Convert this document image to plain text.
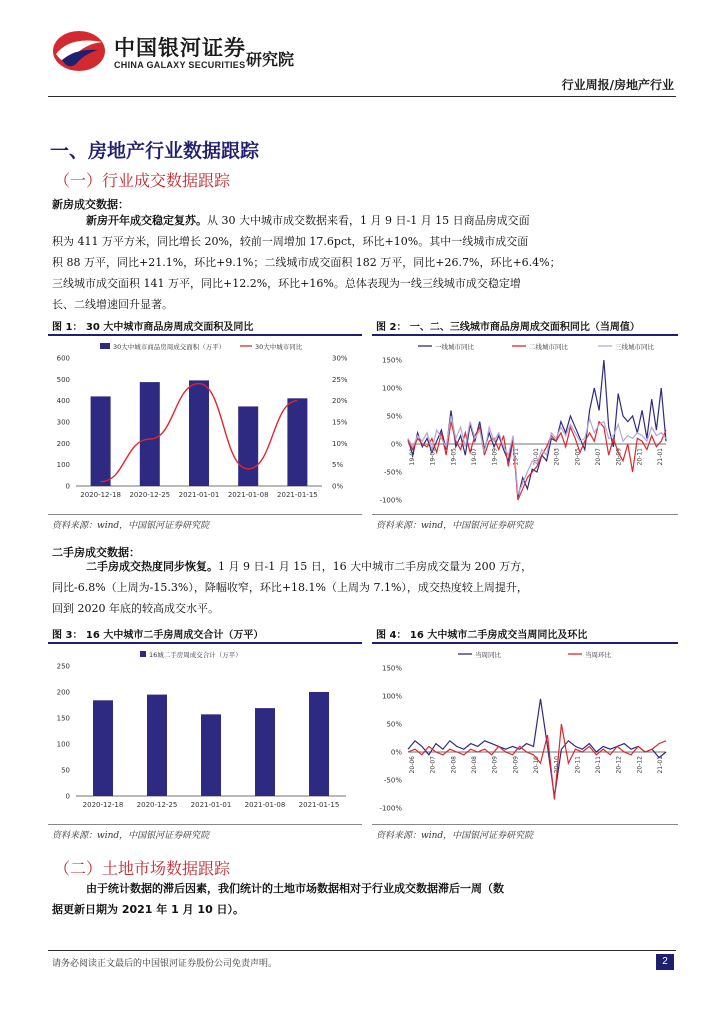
中国银河证券
CHINA GALAXY SECURITIES 研究院
行业周报/房地产行业
一、房地产行业数据跟踪
（一）行业成交数据跟踪
新房成交数据：
新房开年成交稳定复苏。从 30 大中城市成交数据来看，1 月 9 日-1 月 15 日商品房成交面
积为 411 万平方米，同比增长 20%，较前一周增加 17.6pct，环比+10%。其中一线城市成交面
积 88 万平，同比+21.1%，环比+9.1%；二线城市成交面积 182 万平，同比+26.7%，环比+6.4%；
三线城市成交面积 141 万平，同比+12.2%，环比+16%。总体表现为一线三线城市成交稳定增
长、二线增速回升显著。
图 1： 30 大中城市商品房周成交面积及同比
0
100
200
300
400
500
600
0%
5%
10%
15%
20%
25%
30%
2020-12-18 2020-12-25 2021-01-01 2021-01-08 2021-01-15
30大中城市商品房周成交面积（万平）	30大中城市同比
资料来源：wind，中国银河证券研究院
图 2： 一、二、三线城市商品房周成交面积同比（当周值）
-100%
-50%
0%
50%
100%
150%
19-01 19-03 19-05 19-07 19-09 19-11 20-01 20-03 20-05 20-07 20-09 20-11 21-01
一线城市同比	二线城市同比	三线城市同比
资料来源：wind，中国银河证券研究院
二手房成交数据：
二手房成交热度同步恢复。1 月 9 日-1 月 15 日，16 大中城市二手房成交量为 200 万方，
同比-6.8%（上周为-15.3%），降幅收窄，环比+18.1%（上周为 7.1%），成交热度较上周提升，
回到 2020 年底的较高成交水平。
图 3： 16 大中城市二手房周成交合计（万平）
0
50
100
150
200
250
2020-12-18 2020-12-25 2021-01-01 2021-01-08 2021-01-15
16城二手房周成交合计（万平）
资料来源：wind，中国银河证券研究院
图 4： 16 大中城市二手房成交当周同比及环比
-100%
-50%
0%
50%
100%
150%
20-06 20-07 20-08 20-08 20-09 20-09 20-10 20-10 20-11 20-11 20-12 20-12 21-01
当周同比	当周环比
资料来源：wind，中国银河证券研究院
（二）土地市场数据跟踪
由于统计数据的滞后因素，我们统计的土地市场数据相对于行业成交数据滞后一周（数
据更新日期为 2021 年 1 月 10 日）。
请务必阅读正文最后的中国银河证券股份公司免责声明。	2
